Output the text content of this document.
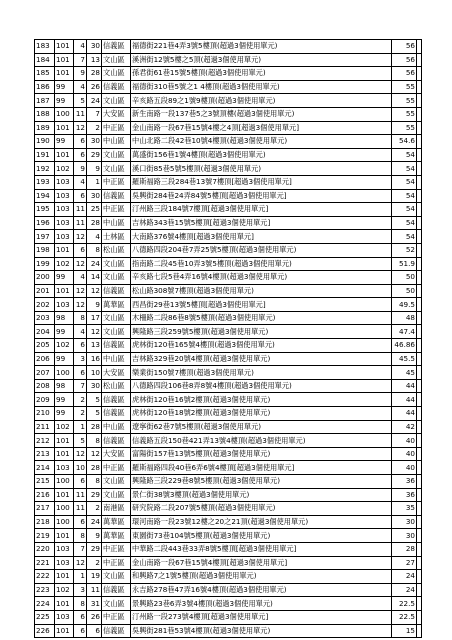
183	101	4	30	信義區	福德街221巷4弄3號5樓頂(超過3個使用單元)	56	
184	101	7	13	文山區	溪洲街12號5樓之5頂(超過3個使用單元)	56	
185	101	9	28	文山區	孫君街61巷15號5樓頂(超過3個使用單元)	56	
186	99	4	26	信義區	福德街310巷5號之1 4樓頂(超過3個使用單元)	55	
187	99	5	24	文山區	辛亥路五段89之1號9樓頂(超過3個使用單元)	55	
188	100	11	7	大安區	新生南路一段137巷5之3號頂樓(超過3個使用單元)	55	
189	101	12	2	中正區	金山南路一段67巷15號4樓之4頂[超過3個使用單元]	55	
190	99	6	30	中山區	中山北路二段42巷10號4樓頂(超過3個使用單元)	54.6	
191	101	6	29	文山區	萬盛街156巷1號4樓頂(超過3個使用單元)	54	
192	102	9	9	文山區	溪口街85巷5號5樓頂(超過3個使用單元)	54	
193	103	4	1	中正區	羅斯福路三段284巷13號7樓頂[超過3個使用單元]	54	
194	103	6	30	信義區	吳興街284巷24弄84號5樓頂[超過3個使用單元]	54	
195	103	11	25	中正區	汀州路三段184號7樓頂[超過3個使用單元]	54	
196	103	11	28	中山區	吉林路343巷15號5樓頂[超過3個使用單元]	54	
197	103	12	4	士林區	大南路376號4樓頂[超過3個使用單元]	54	
198	101	6	8	松山區	八德路四段204巷7弄25號5樓頂(超過3個使用單元)	52	
199	102	12	24	文山區	指南路二段45巷10弄3號5樓頂(超過3個使用單元)	51.9	
200	99	4	14	文山區	辛亥路七段5巷4弄16號4樓頂(超過3個使用單元)	50	
201	101	12	12	信義區	松山路308號7樓頂(超過3個使用單元)	50	
202	103	12	9	萬華區	西昌街29巷13號5樓頂[超過3個使用單元]	49.5	
203	98	8	17	文山區	木柵路二段86巷8號5樓頂(超過3個使用單元)	48	
204	99	4	12	文山區	興隆路三段259號5樓頂(超過3個使用單元)	47.4	
205	102	6	13	信義區	虎林街120巷165號4樓頂(超過3個使用單元)	46.86	
206	99	3	16	中山區	吉林路329巷20號4樓頂(超過3個使用單元)	45.5	
207	100	6	10	大安區	樂業街150號7樓頂(超過3個使用單元)	45	
208	98	7	30	松山區	八德路四段106巷8弄8號4樓頂(超過3個使用單元)	44	
209	99	2	5	信義區	虎林街120巷16號2樓頂(超過3個使用單元)	44	
210	99	2	5	信義區	虎林街120巷18號2樓頂(超過3個使用單元)	44	
211	102	1	28	中山區	遼寧街62巷7號5樓頂(超過3個使用單元)	42	
212	101	5	8	信義區	信義路五段150巷421弄13號4樓頂(超過3個使用單元)	40	
213	101	12	12	大安區	富陽街157巷13號5樓頂(超過3個使用單元)	40	
214	103	10	28	中正區	羅斯福路四段40巷6弄6號4樓頂[超過3個使用單元]	40	
215	100	6	8	文山區	興隆路三段229巷8號5樓頂(超過3個使用單元)	36	
216	101	11	29	文山區	景仁街38號3樓頂(超過3個使用單元)	36	
217	100	11	2	南港區	研究院路二段207號5樓頂(超過3個使用單元)	35	
218	100	6	24	萬華區	環河南路一段23號12樓之20之21頂(超過3個使用單元)	30	
219	101	8	9	萬華區	東園街73巷104號5樓頂(超過3個使用單元)	30	
220	103	7	29	中正區	中華路二段443巷33弄8號5樓頂[超過3個使用單元]	28	
221	103	12	2	中正區	金山南路一段67巷15號4樓頂[超過3個使用單元]	27	
222	101	1	19	文山區	和興路7之1號5樓頂(超過3個使用單元)	24	
223	102	3	11	信義區	永吉路278巷47弄16號4樓頂(超過3個使用單元)	24	
224	101	8	31	文山區	景興路23巷6弄3號4樓頂(超過3個使用單元)	22.5	
225	103	6	26	中正區	汀州路一段273號4樓頂[超過3個使用單元]	22.5	
226	101	6	6	信義區	吳興街281巷53號4樓頂(超過3個使用單元)	15	
